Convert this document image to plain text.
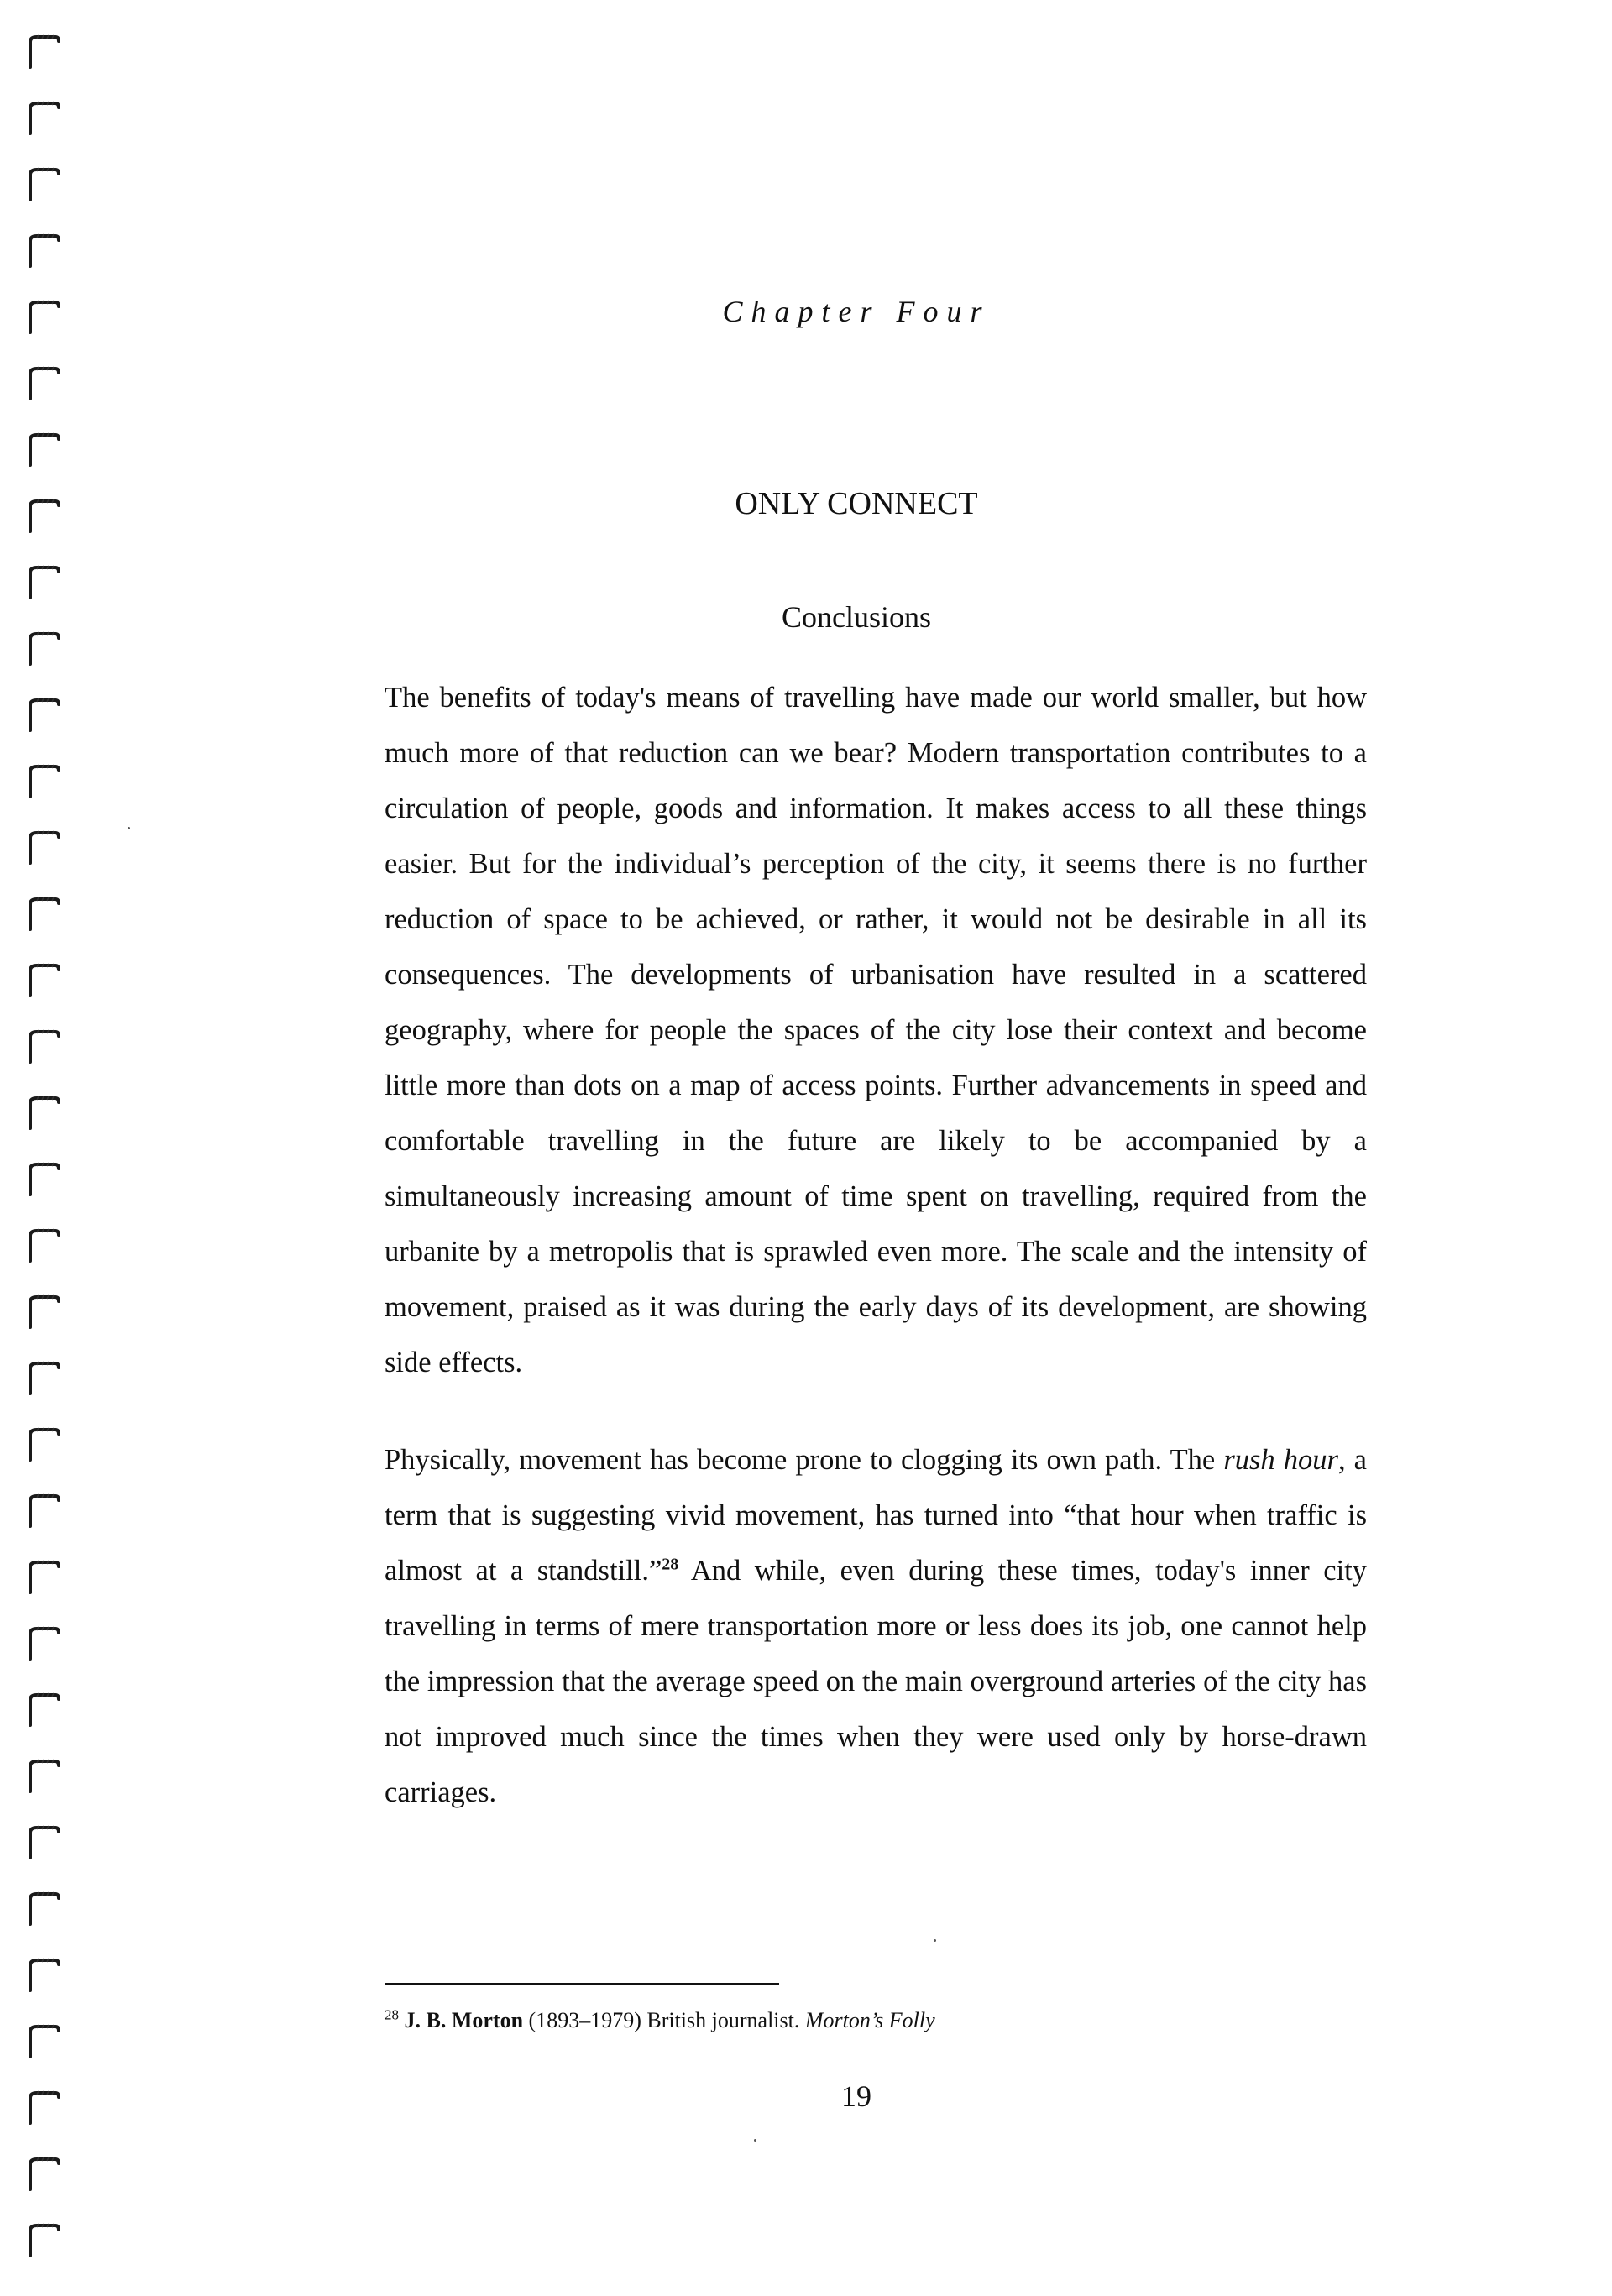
Chapter Four
ONLY CONNECT
Conclusions

The benefits of today's means of travelling have made our world smaller, but how much more of that reduction can we bear? Modern transportation contributes to a circulation of people, goods and information. It makes access to all these things easier. But for the individual’s perception of the city, it seems there is no further reduction of space to be achieved, or rather, it would not be desirable in all its consequences. The developments of urbanisation have resulted in a scattered geography, where for people the spaces of the city lose their context and become little more than dots on a map of access points. Further advancements in speed and comfortable travelling in the future are likely to be accompanied by a simultaneously increasing amount of time spent on travelling, required from the urbanite by a metropolis that is sprawled even more. The scale and the intensity of movement, praised as it was during the early days of its development, are showing side effects.

Physically, movement has become prone to clogging its own path. The rush hour, a term that is suggesting vivid movement, has turned into “that hour when traffic is almost at a standstill.”$^{28}$ And while, even during these times, today's inner city travelling in terms of mere transportation more or less does its job, one cannot help the impression that the average speed on the main overground arteries of the city has not improved much since the times when they were used only by horse-drawn carriages.

$^{28}$ J. B. Morton (1893–1979) British journalist. Morton’s Folly
19
